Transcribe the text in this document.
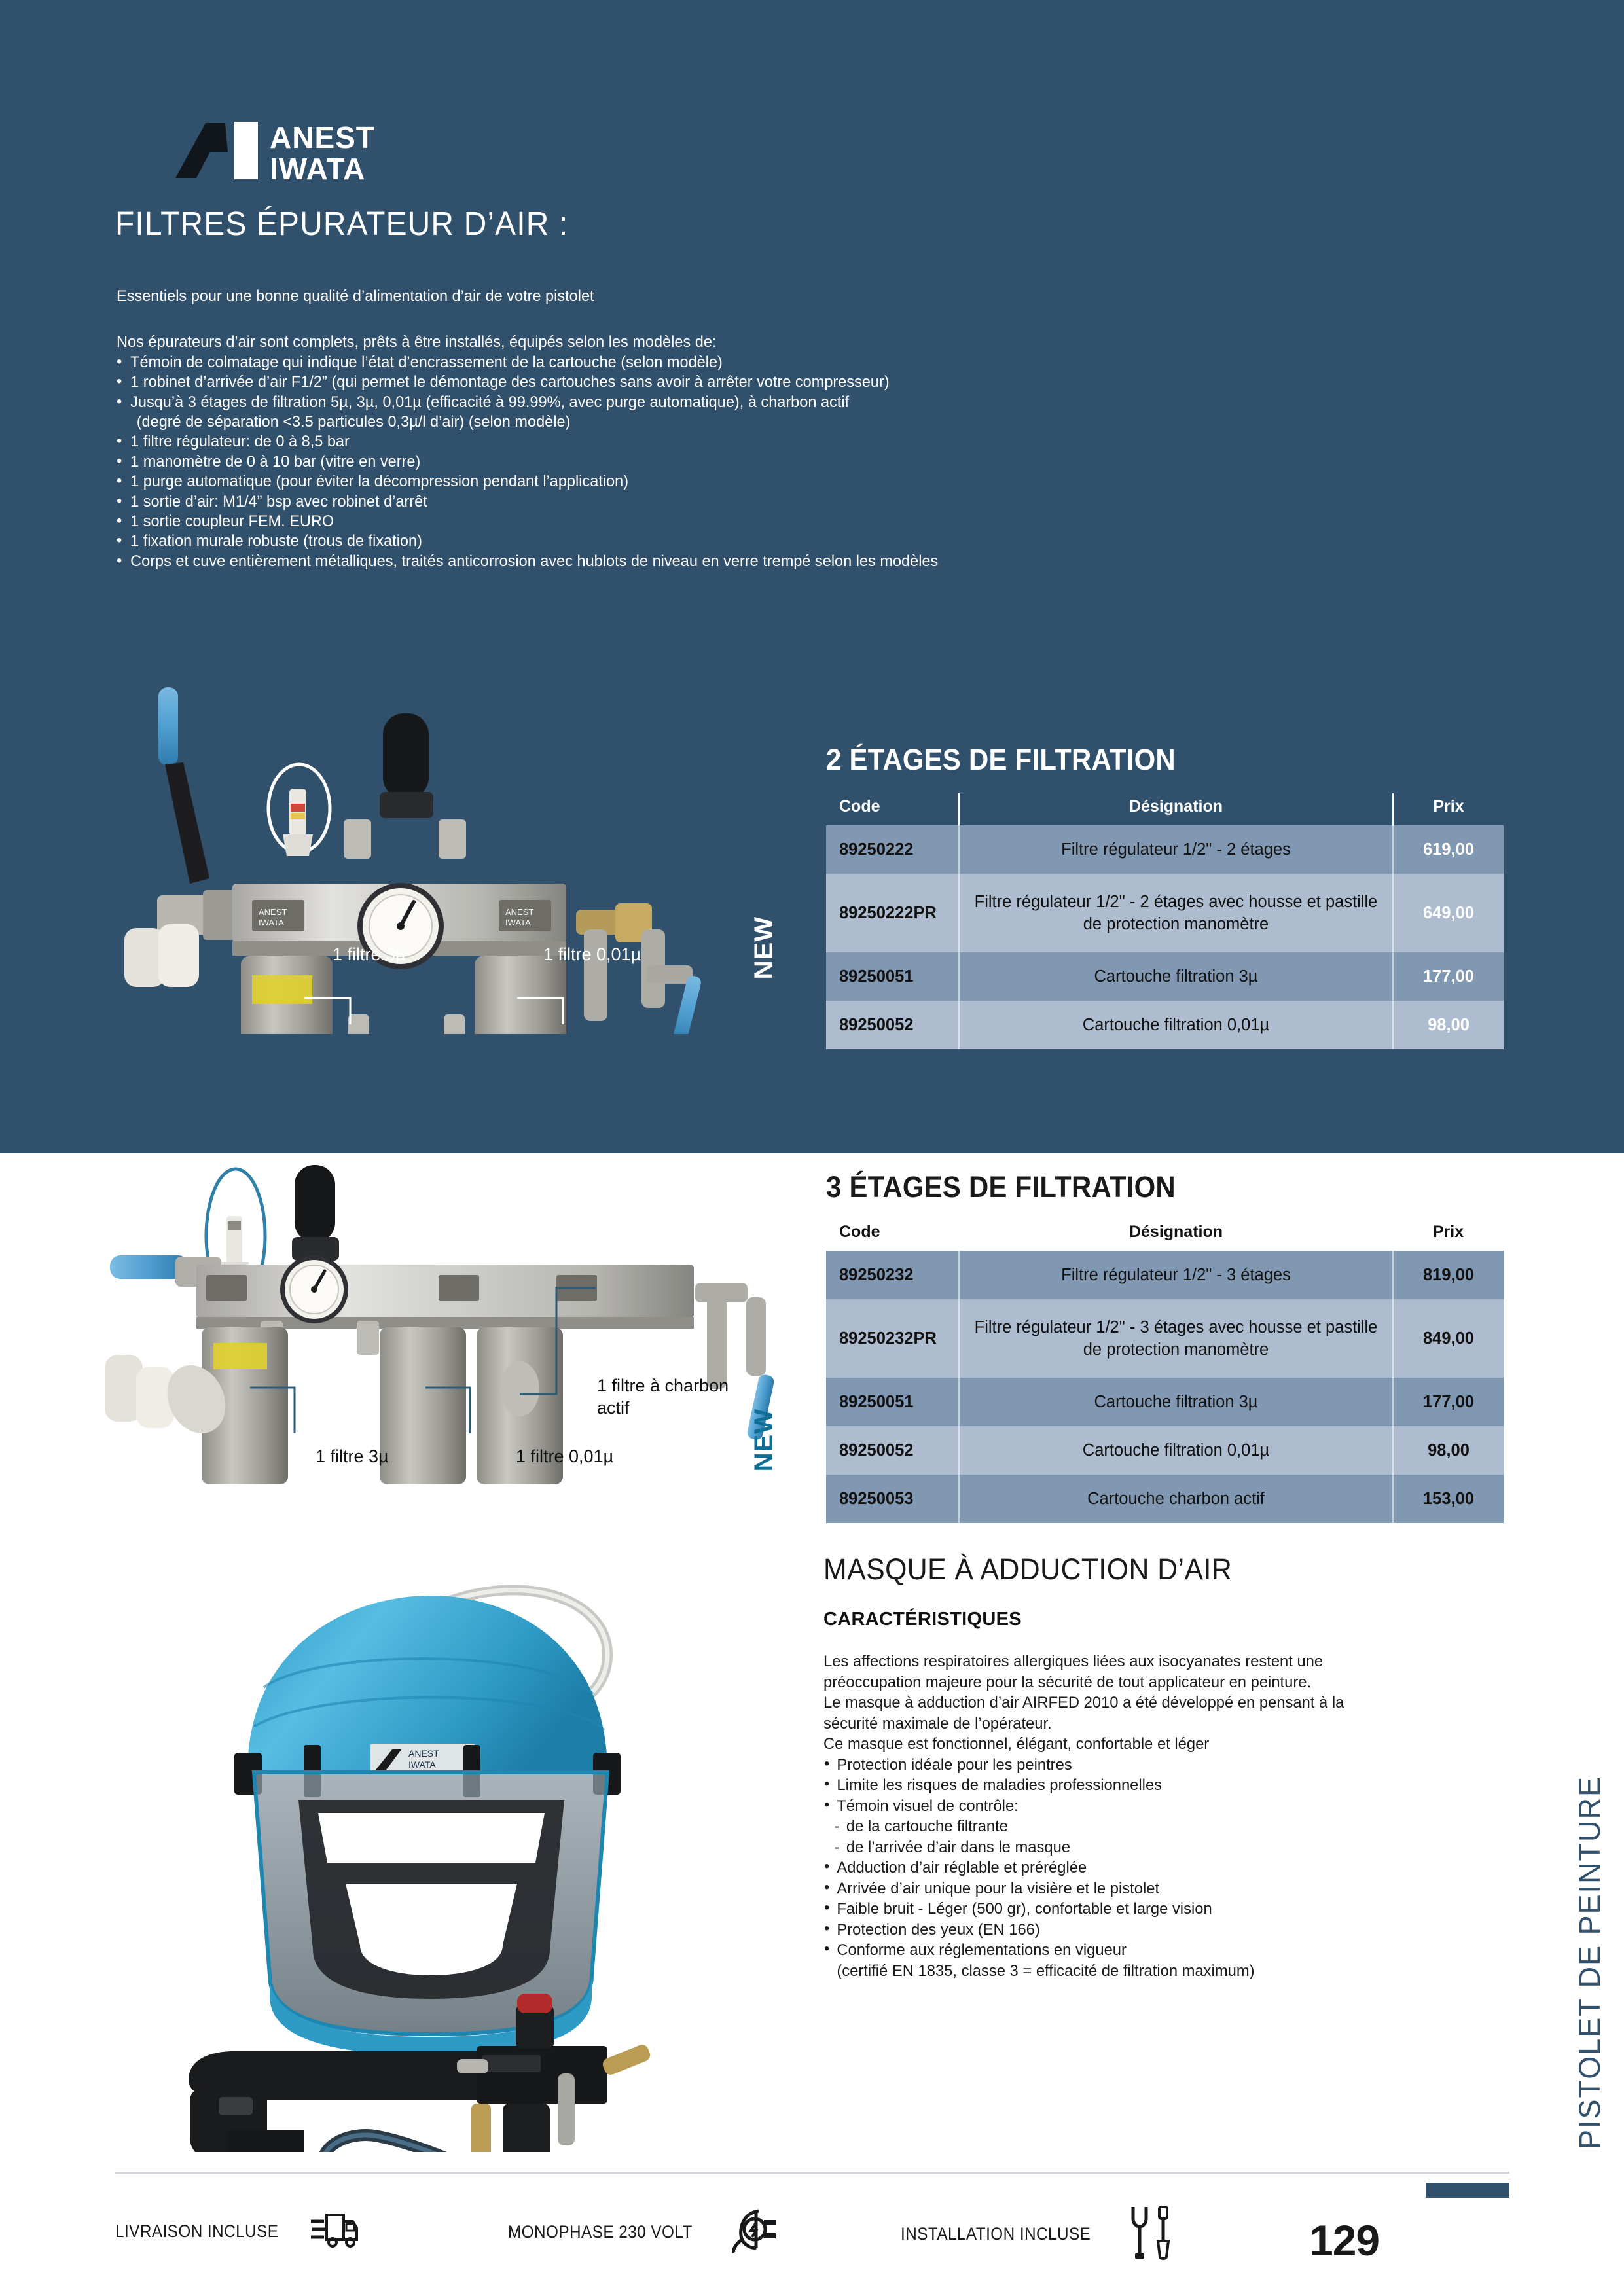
ANEST
IWATA
FILTRES ÉPURATEUR D’AIR :
Essentiels pour une bonne qualité d’alimentation d’air de votre pistolet
Nos épurateurs d’air sont complets, prêts à être installés, équipés selon les modèles de:
• Témoin de colmatage qui indique l’état d’encrassement de la cartouche (selon modèle)
• 1 robinet d’arrivée d’air F1/2” (qui permet le démontage des cartouches sans avoir à arrêter votre compresseur)
• Jusqu’à 3 étages de filtration 5µ, 3µ, 0,01µ (efficacité à 99.99%, avec purge automatique), à charbon actif
(degré de séparation <3.5 particules 0,3µ/l d’air) (selon modèle)
• 1 filtre régulateur: de 0 à 8,5 bar
• 1 manomètre de 0 à 10 bar (vitre en verre)
• 1 purge automatique (pour éviter la décompression pendant l’application)
• 1 sortie d’air: M1/4” bsp avec robinet d’arrêt
• 1 sortie coupleur FEM. EURO
• 1 fixation murale robuste (trous de fixation)
• Corps et cuve entièrement métalliques, traités anticorrosion avec hublots de niveau en verre trempé selon les modèles
ANEST
IWATA
ANEST
IWATA
1 filtre 3µ	1 filtre 0,01µ	NEW
2 ÉTAGES DE FILTRATION
Code	Désignation	Prix
89250222	Filtre régulateur 1/2" - 2 étages	619,00
89250222PR	Filtre régulateur 1/2" - 2 étages avec housse et pastille de protection manomètre	649,00
89250051	Cartouche filtration 3µ	177,00
89250052	Cartouche filtration 0,01µ	98,00
1 filtre 3µ	1 filtre 0,01µ
1 filtre à charbon actif
NEW
3 ÉTAGES DE FILTRATION
Code	Désignation	Prix
89250232	Filtre régulateur 1/2" - 3 étages	819,00
89250232PR	Filtre régulateur 1/2" - 3 étages avec housse et pastille de protection manomètre	849,00
89250051	Cartouche filtration 3µ	177,00
89250052	Cartouche filtration 0,01µ	98,00
89250053	Cartouche charbon actif	153,00
ANEST
IWATA
MASQUE À ADDUCTION D’AIR
CARACTÉRISTIQUES

Les affections respiratoires allergiques liées aux isocyanates restent une préoccupation majeure pour la sécurité de tout applicateur en peinture.

Le masque à adduction d’air AIRFED 2010 a été développé en pensant à la sécurité maximale de l’opérateur.

Ce masque est fonctionnel, élégant, confortable et léger

• Protection idéale pour les peintres
• Limite les risques de maladies professionnelles
• Témoin visuel de contrôle:
- de la cartouche filtrante
- de l’arrivée d’air dans le masque
• Adduction d’air réglable et préréglée
• Arrivée d’air unique pour la visière et le pistolet
• Faible bruit - Léger (500 gr), confortable et large vision
• Protection des yeux (EN 166)
• Conforme aux réglementations en vigueur
(certifié EN 1835, classe 3 = efficacité de filtration maximum)	PISTOLET DE PEINTURE
LIVRAISON INCLUSE	MONOPHASE 230 VOLT	INSTALLATION INCLUSE	129
